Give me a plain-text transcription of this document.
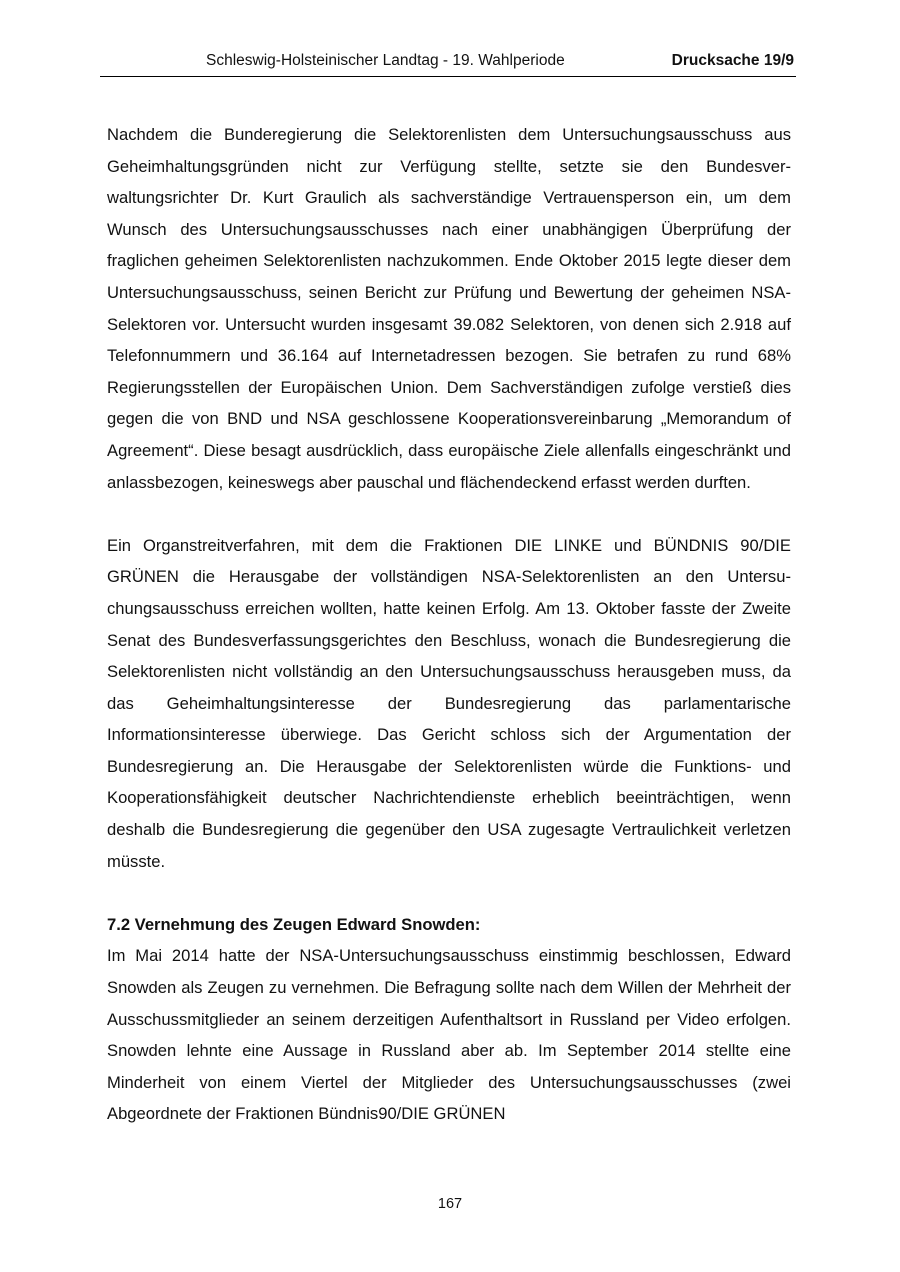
Schleswig-Holsteinischer Landtag - 19. Wahlperiode	Drucksache 19/9

Nachdem die Bunderegierung die Selektorenlisten dem Untersuchungsausschuss aus Geheimhaltungsgründen nicht zur Verfügung stellte, setzte sie den Bundesverwaltungsrichter Dr. Kurt Graulich als sachverständige Vertrauensperson ein, um dem Wunsch des Untersuchungsausschusses nach einer unabhängigen Überprüfung der fraglichen geheimen Selektorenlisten nachzukommen. Ende Oktober 2015 legte dieser dem Untersuchungsausschuss, seinen Bericht zur Prüfung und Bewertung der geheimen NSA-Selektoren vor. Untersucht wurden insgesamt 39.082 Selektoren, von denen sich 2.918 auf Telefonnummern und 36.164 auf Internetadressen bezogen. Sie betrafen zu rund 68% Regierungsstellen der Europäischen Union. Dem Sachverständigen zufolge verstieß dies gegen die von BND und NSA geschlossene Kooperationsvereinbarung „Memorandum of Agreement“. Diese besagt ausdrücklich, dass europäische Ziele allenfalls eingeschränkt und anlassbezogen, keineswegs aber pauschal und flächendeckend erfasst werden durften.

Ein Organstreitverfahren, mit dem die Fraktionen DIE LINKE und BÜNDNIS 90/DIE GRÜNEN die Herausgabe der vollständigen NSA-Selektorenlisten an den Untersuchungsausschuss erreichen wollten, hatte keinen Erfolg. Am 13. Oktober fasste der Zweite Senat des Bundesverfassungsgerichtes den Beschluss, wonach die Bundesregierung die Selektorenlisten nicht vollständig an den Untersuchungsausschuss herausgeben muss, da das Geheimhaltungsinteresse der Bundesregierung das parlamentarische Informationsinteresse überwiege. Das Gericht schloss sich der Argumentation der Bundesregierung an. Die Herausgabe der Selektorenlisten würde die Funktions- und Kooperationsfähigkeit deutscher Nachrichtendienste erheblich beeinträchtigen, wenn deshalb die Bundesregierung die gegenüber den USA zugesagte Vertraulichkeit verletzen müsste.

7.2 Vernehmung des Zeugen Edward Snowden:

Im Mai 2014 hatte der NSA-Untersuchungsausschuss einstimmig beschlossen, Edward Snowden als Zeugen zu vernehmen. Die Befragung sollte nach dem Willen der Mehrheit der Ausschussmitglieder an seinem derzeitigen Aufenthaltsort in Russland per Video erfolgen. Snowden lehnte eine Aussage in Russland aber ab. Im September 2014 stellte eine Minderheit von einem Viertel der Mitglieder des Untersuchungsausschusses (zwei Abgeordnete der Fraktionen Bündnis90/DIE GRÜNEN

167
